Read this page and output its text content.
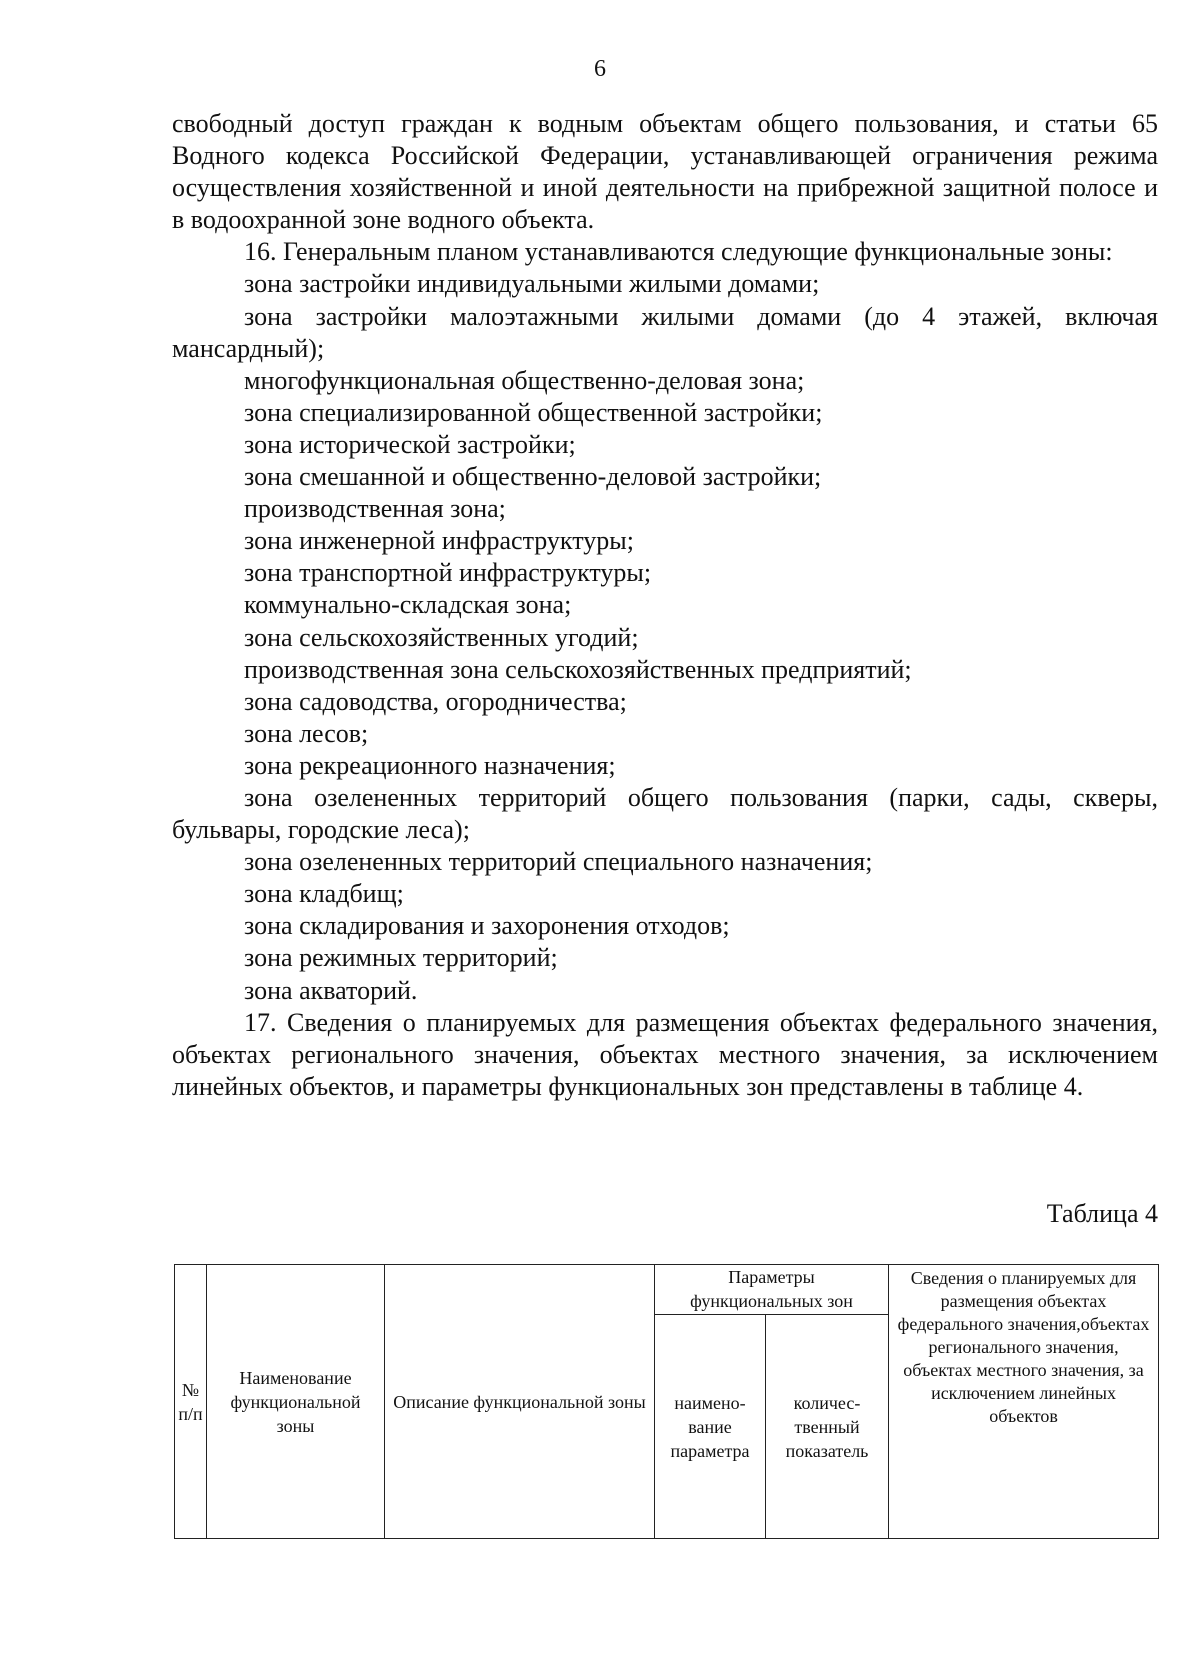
6

свободный доступ граждан к водным объектам общего пользования, и статьи 65 Водного кодекса Российской Федерации, устанавливающей ограничения режима осуществления хозяйственной и иной деятельности на прибрежной защитной полосе и в водоохранной зоне водного объекта.

16. Генеральным планом устанавливаются следующие функциональные зоны:

зона застройки индивидуальными жилыми домами;

зона застройки малоэтажными жилыми домами (до 4 этажей, включая мансардный);

многофункциональная общественно-деловая зона;

зона специализированной общественной застройки;

зона исторической застройки;

зона смешанной и общественно-деловой застройки;

производственная зона;

зона инженерной инфраструктуры;

зона транспортной инфраструктуры;

коммунально-складская зона;

зона сельскохозяйственных угодий;

производственная зона сельскохозяйственных предприятий;

зона садоводства, огородничества;

зона лесов;

зона рекреационного назначения;

зона озелененных территорий общего пользования (парки, сады, скверы, бульвары, городские леса);

зона озелененных территорий специального назначения;

зона кладбищ;

зона складирования и захоронения отходов;

зона режимных территорий;

зона акваторий.

17. Сведения о планируемых для размещения объектах федерального значения, объектах регионального значения, объектах местного значения, за исключением линейных объектов, и параметры функциональных зон представлены в таблице 4.

Таблица 4
№ п/п	Наименование функциональной зоны	Описание функциональной зоны	Параметры функциональных зон		Сведения о планируемых для размещения объектах федерального значения,объектах регионального значения, объектах местного значения, за исключением линейных объектов
			наимено-вание параметра	количес-твенный показатель	
